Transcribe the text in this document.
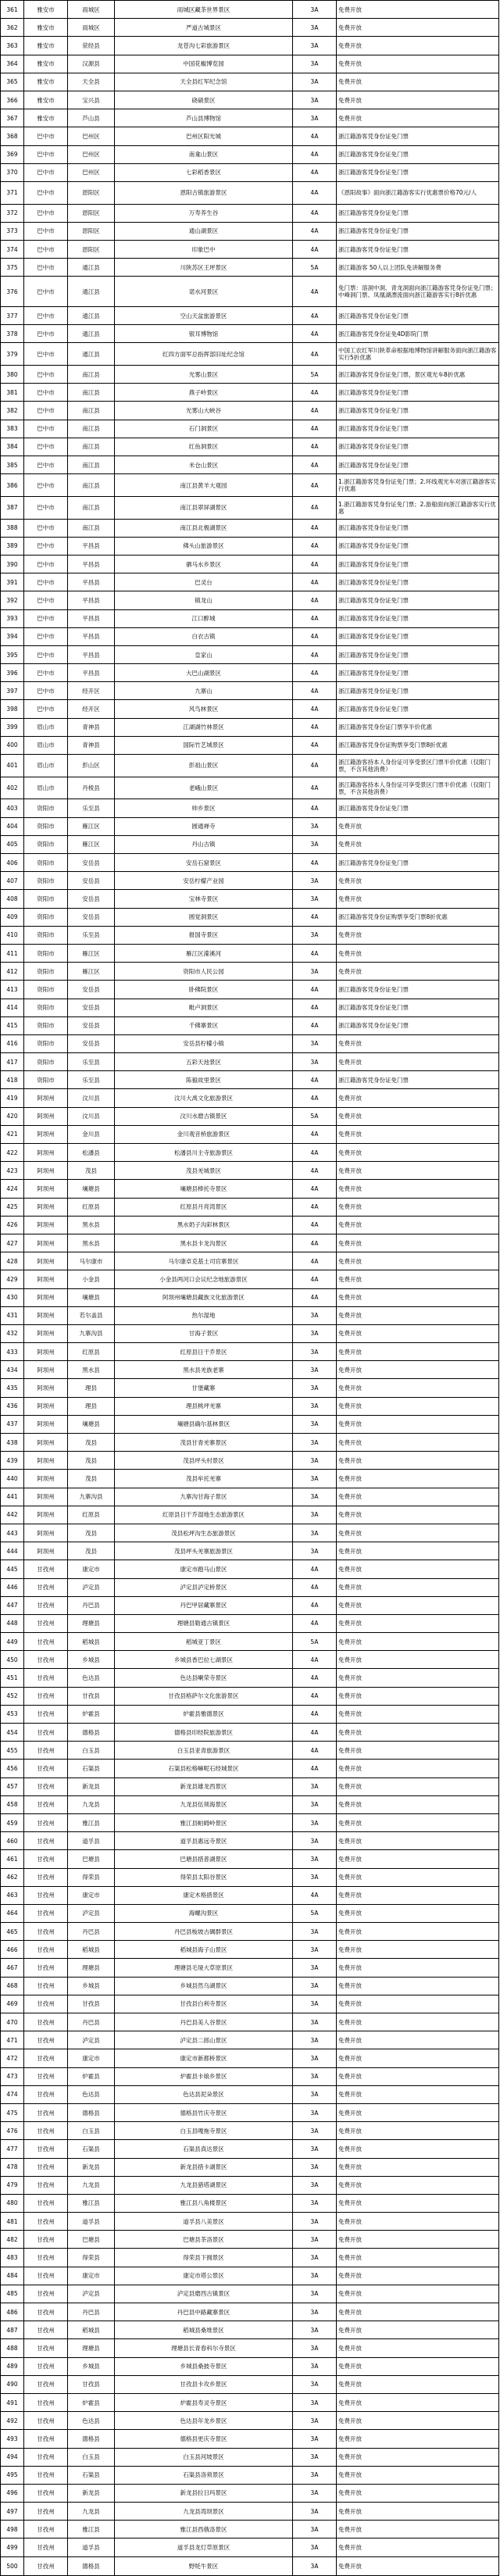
361	雅安市	雨城区	雨城区藏茶世界景区	3A	免费开放
362	雅安市	雨城区	严道古城景区	3A	免费开放
363	雅安市	荥经县	龙苍沟七彩旅游景区	3A	免费开放
364	雅安市	汉源县	中国花椒博览园	3A	免费开放
365	雅安市	天全县	天全县红军纪念馆	3A	免费开放
366	雅安市	宝兴县	硗碛景区	3A	免费开放
367	雅安市	芦山县	芦山县博物馆	3A	免费开放
368	巴中市	巴州区	巴州区阳光城	4A	浙江籍游客凭身份证免门票
369	巴中市	巴州区	南龛山景区	4A	浙江籍游客凭身份证免门票
370	巴中市	巴州区	七彩稻香景区	4A	浙江籍游客凭身份证免门票
371	巴中市	恩阳区	恩阳古镇旅游景区	4A	《恩阳故事》面向浙江籍游客实行优惠票价格70元/人
372	巴中市	恩阳区	万寿养生谷	4A	浙江籍游客凭身份证免门票
373	巴中市	恩阳区	通山湖景区	4A	浙江籍游客凭身份证免门票
374	巴中市	恩阳区	印象巴中	4A	浙江籍游客凭身份证免门票
375	巴中市	通江县	川陕苏区王坪景区	5A	浙江籍游客 50人以上团队免讲解服务费
376	巴中市	通江县	诺水河景区	4A	免门票：溶洞中洞、青龙洞面向浙江籍游客凭身份证免门票；中峰洞门票、凤凰湖漂流面向浙江籍游客实行8折优惠
377	巴中市	通江县	空山天盆旅游景区	4A	浙江籍游客凭身份证免门票
378	巴中市	通江县	银耳博物馆	4A	浙江籍游客凭身份证免4D影院门票
379	巴中市	通江县	红四方面军总指挥部旧址纪念馆	4A	中国工农红军川陕革命根据地博物馆讲解服务面向浙江籍游客实行5折优惠
380	巴中市	南江县	光雾山景区	5A	浙江籍游客凭身份证免门票，景区观光车8折优惠
381	巴中市	南江县	燕子岭景区	4A	浙江籍游客凭身份证免门票
382	巴中市	南江县	光雾山大峡谷	4A	浙江籍游客凭身份证免门票
383	巴中市	南江县	石门洞景区	4A	浙江籍游客凭身份证免门票
384	巴中市	南江县	红鱼洞景区	4A	浙江籍游客凭身份证免门票
385	巴中市	南江县	米仓山景区	4A	浙江籍游客凭身份证免门票
386	巴中市	南江县	南江县黄羊大观园	4A	1.浙江籍游客凭身份证免门票；2.环线观光车对浙江籍游客实行优惠
387	巴中市	南江县	南江县翠屏湖景区	4A	1.浙江籍游客凭身份证免门票；2.游船面向浙江籍游客实行优惠
388	巴中市	南江县	南江县北极湖景区	4A	浙江籍游客凭身份证免门票
389	巴中市	平昌县	佛头山旅游景区	4A	浙江籍游客凭身份证免门票
390	巴中市	平昌县	驷马水乡景区	4A	浙江籍游客凭身份证免门票
391	巴中市	平昌县	巴灵台	4A	浙江籍游客凭身份证免门票
392	巴中市	平昌县	镇龙山	4A	浙江籍游客凭身份证免门票
393	巴中市	平昌县	江口醉城	4A	浙江籍游客凭身份证免门票
394	巴中市	平昌县	白衣古镇	4A	浙江籍游客凭身份证免门票
395	巴中市	平昌县	皇家山	4A	浙江籍游客凭身份证免门票
396	巴中市	平昌县	大巴山湖景区	4A	浙江籍游客凭身份证免门票
397	巴中市	经开区	九寨山	4A	浙江籍游客凭身份证免门票
398	巴中市	经开区	风鸟林景区	4A	浙江籍游客凭身份证免门票
399	眉山市	青神县	江湖湖竹林景区	4A	浙江籍游客凭身份证门票享半价优惠
400	眉山市	青神县	国际竹艺城景区	4A	浙江籍游客凭身份证购票享受门票8折优惠
401	眉山市	彭山区	彭祖山景区	4A	浙江籍游客持本人身份证可享受景区门票半价优惠（仅限门票，不含其他消费）
402	眉山市	丹棱县	老峨山景区	4A	浙江籍游客持本人身份证可享受景区门票半价优惠（仅限门票，不含其他消费）
403	资阳市	乐至县	帅乡景区	4A	浙江籍游客凭身份证免门票
404	资阳市	雁江区	圆通禅寺	3A	免费开放
405	资阳市	雁江区	丹山古镇	3A	免费开放
406	资阳市	安岳县	安岳石窟景区	4A	浙江籍游客凭身份证免门票
407	资阳市	安岳县	安岳柠檬产业园	3A	免费开放
408	资阳市	安岳县	宝林寺景区	3A	免费开放
409	资阳市	安岳县	圆觉洞景区	4A	浙江籍游客凭身份证购票享受门票8折优惠
410	资阳市	乐至县	报国寺景区	3A	免费开放
411	资阳市	雁江区	雁江区濛溪河	4A	免费开放
412	资阳市	雁江区	资阳市人民公园	3A	免费开放
413	资阳市	安岳县	卧佛院景区	4A	浙江籍游客凭身份证免门票
414	资阳市	安岳县	毗卢洞景区	4A	浙江籍游客凭身份证免门票
415	资阳市	安岳县	千佛寨景区	4A	浙江籍游客凭身份证免门票
416	资阳市	安岳县	安岳县柠檬小镇	3A	免费开放
417	资阳市	乐至县	五彩天池景区	3A	免费开放
418	资阳市	乐至县	陈毅故里景区	4A	浙江籍游客凭身份证免门票
419	阿坝州	汶川县	汶川大禹文化旅游景区	4A	免费开放
420	阿坝州	汶川县	汶川水磨古镇景区	5A	免费开放
421	阿坝州	金川县	金川观音桥旅游景区	4A	免费开放
422	阿坝州	松潘县	松潘县川主寺旅游景区	4A	免费开放
423	阿坝州	茂县	茂县羌城景区	4A	免费开放
424	阿坝州	壤塘县	壤塘县棒托寺景区	4A	免费开放
425	阿坝州	红原县	红原县月亮湾景区	4A	免费开放
426	阿坝州	黑水县	黑水奶子沟彩林景区	4A	免费开放
427	阿坝州	黑水县	黑水县卡龙沟景区	4A	免费开放
428	阿坝州	马尔康市	马尔康卓克基土司官寨景区	4A	免费开放
429	阿坝州	小金县	小金县两河口会议纪念地旅游景区	4A	免费开放
430	阿坝州	壤塘县	阿坝州壤塘县藏族文化旅游景区	4A	免费开放
431	阿坝州	若尔盖县	热尔湿地	3A	免费开放
432	阿坝州	九寨沟县	甘海子景区	3A	免费开放
433	阿坝州	红原县	红原县日干乔景区	3A	免费开放
434	阿坝州	黑水县	黑水县羌族老寨	3A	免费开放
435	阿坝州	理县	甘堡藏寨	3A	免费开放
436	阿坝州	理县	理县桃坪羌寨	3A	免费开放
437	阿坝州	壤塘县	壤塘县确尔基林景区	3A	免费开放
438	阿坝州	茂县	茂县甘青羌寨景区	3A	免费开放
439	阿坝州	茂县	茂县坪头村景区	3A	免费开放
440	阿坝州	茂县	茂县牟托羌寨	3A	免费开放
441	阿坝州	九寨沟县	九寨沟甘海子景区	3A	免费开放
442	阿坝州	红原县	红原县日干乔湿地生态旅游景区	3A	免费开放
443	阿坝州	茂县	茂县松坪沟生态旅游景区	3A	免费开放
444	阿坝州	茂县	茂县坪头羌寨旅游景区	3A	免费开放
445	甘孜州	康定市	康定市跑马山景区	4A	免费开放
446	甘孜州	泸定县	泸定县泸定桥景区	4A	免费开放
447	甘孜州	丹巴县	丹巴甲居藏寨景区	4A	免费开放
448	甘孜州	理塘县	理塘县勒通古镇景区	4A	免费开放
449	甘孜州	稻城县	稻城亚丁景区	5A	免费开放
450	甘孜州	乡城县	乡城县香巴拉七湖景区	4A	免费开放
451	甘孜州	色达县	色达县喇荣寺景区	4A	免费开放
452	甘孜州	甘孜县	甘孜县格萨尔文化旅游景区	4A	免费开放
453	甘孜州	炉霍县	炉霍县雅德景区	4A	免费开放
454	甘孜州	德格县	德格县印经院旅游景区	4A	免费开放
455	甘孜州	白玉县	白玉县亚青旅游景区	4A	免费开放
456	甘孜州	石渠县	石渠县松格嘛呢石经城景区	4A	免费开放
457	甘孜州	新龙县	新龙县雄龙西景区	3A	免费开放
458	甘孜州	九龙县	九龙县伍须海景区	3A	免费开放
459	甘孜州	雅江县	雅江县帕姆岭景区	3A	免费开放
460	甘孜州	道孚县	道孚县惠远寺景区	3A	免费开放
461	甘孜州	巴塘县	巴塘县措普湖景区	3A	免费开放
462	甘孜州	得荣县	得荣县太阳谷景区	3A	免费开放
463	甘孜州	康定市	康定木格措景区	4A	免费开放
464	甘孜州	泸定县	海螺沟景区	5A	免费开放
465	甘孜州	丹巴县	丹巴县梭坡古碉群景区	3A	免费开放
466	甘孜州	稻城县	稻城县海子山景区	3A	免费开放
467	甘孜州	理塘县	理塘县毛垭大草原景区	3A	免费开放
468	甘孜州	乡城县	乡城县然乌湖景区	3A	免费开放
469	甘孜州	甘孜县	甘孜县白利寺景区	3A	免费开放
470	甘孜州	丹巴县	丹巴县美人谷景区	3A	免费开放
471	甘孜州	泸定县	泸定县二郎山景区	3A	免费开放
472	甘孜州	康定市	康定市新都桥景区	3A	免费开放
473	甘孜州	炉霍县	炉霍县卡娘乡景区	3A	免费开放
474	甘孜州	色达县	色达县泥朵景区	3A	免费开放
475	甘孜州	德格县	德格县竹庆寺景区	3A	免费开放
476	甘孜州	白玉县	白玉县嘎拖寺景区	3A	免费开放
477	甘孜州	石渠县	石渠县真达景区	3A	免费开放
478	甘孜州	新龙县	新龙县措卡湖景区	3A	免费开放
479	甘孜州	九龙县	九龙县猎塔湖景区	3A	免费开放
480	甘孜州	雅江县	雅江县八角楼景区	3A	免费开放
481	甘孜州	道孚县	道孚县八美景区	3A	免费开放
482	甘孜州	巴塘县	巴塘县茶洛景区	3A	免费开放
483	甘孜州	得荣县	得荣县下拥景区	3A	免费开放
484	甘孜州	康定市	康定市塔公景区	3A	免费开放
485	甘孜州	泸定县	泸定县磨西古镇景区	3A	免费开放
486	甘孜州	丹巴县	丹巴县中路藏寨景区	3A	免费开放
487	甘孜州	稻城县	稻城县桑堆景区	3A	免费开放
488	甘孜州	理塘县	理塘县长青春科尔寺景区	3A	免费开放
489	甘孜州	乡城县	乡城县桑披寺景区	3A	免费开放
490	甘孜州	甘孜县	甘孜县卡攻乡景区	3A	免费开放
491	甘孜州	炉霍县	炉霍县寿灵寺景区	3A	免费开放
492	甘孜州	色达县	色达县年龙乡景区	3A	免费开放
493	甘孜州	德格县	德格县更庆寺景区	3A	免费开放
494	甘孜州	白玉县	白玉县河坡景区	3A	免费开放
495	甘孜州	石渠县	石渠县洛须景区	3A	免费开放
496	甘孜州	新龙县	新龙县拉日玛景区	3A	免费开放
497	甘孜州	九龙县	九龙县湾坝景区	3A	免费开放
498	甘孜州	雅江县	雅江县西俄洛景区	3A	免费开放
499	甘孜州	道孚县	道孚县龙灯草原景区	3A	免费开放
500	甘孜州	德格县	野牦牛景区	3A	免费开放
